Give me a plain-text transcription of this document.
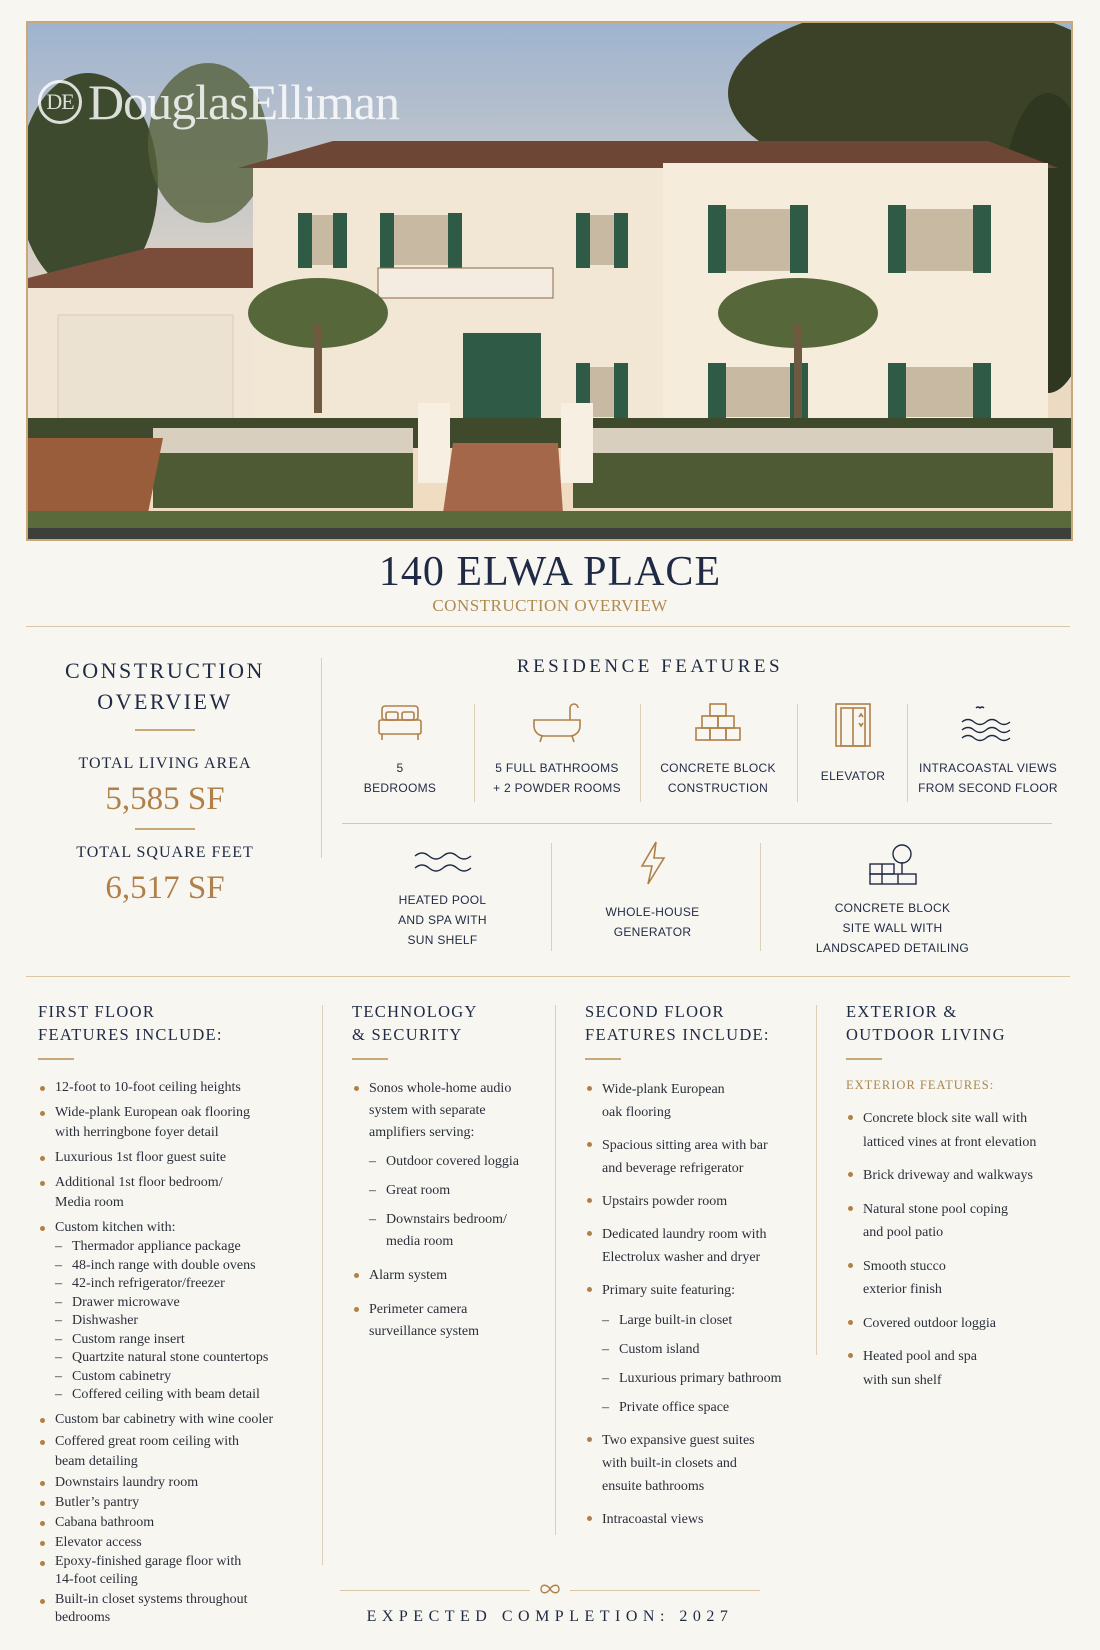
DE DouglasElliman
140 ELWA PLACE
CONSTRUCTION OVERVIEW
CONSTRUCTION
OVERVIEW
TOTAL LIVING AREA
5,585 SF
TOTAL SQUARE FEET
6,517 SF
RESIDENCE FEATURES
5
BEDROOMS
5 FULL BATHROOMS
+ 2 POWDER ROOMS
CONCRETE BLOCK
CONSTRUCTION
ELEVATOR
INTRACOASTAL VIEWS
FROM SECOND FLOOR
HEATED POOL
AND SPA WITH
SUN SHELF
WHOLE-HOUSE
GENERATOR
CONCRETE BLOCK
SITE WALL WITH
LANDSCAPED DETAILING
FIRST FLOOR
FEATURES INCLUDE:
12-foot to 10-foot ceiling heights
Wide-plank European oak flooring
with herringbone foyer detail
Luxurious 1st floor guest suite
Additional 1st floor bedroom/
Media room
Custom kitchen with:
– Thermador appliance package
– 48-inch range with double ovens
– 42-inch refrigerator/freezer
– Drawer microwave
– Dishwasher
– Custom range insert
– Quartzite natural stone countertops
– Custom cabinetry
– Coffered ceiling with beam detail
Custom bar cabinetry with wine cooler
Coffered great room ceiling with
beam detailing
Downstairs laundry room
Butler’s pantry
Cabana bathroom
Elevator access
Epoxy-finished garage floor with
14-foot ceiling
Built-in closet systems throughout
bedrooms
TECHNOLOGY
& SECURITY
Sonos whole-home audio
system with separate
amplifiers serving:
– Outdoor covered loggia
– Great room
– Downstairs bedroom/
media room
Alarm system
Perimeter camera
surveillance system
SECOND FLOOR
FEATURES INCLUDE:
Wide-plank European
oak flooring
Spacious sitting area with bar
and beverage refrigerator
Upstairs powder room
Dedicated laundry room with
Electrolux washer and dryer
Primary suite featuring:
– Large built-in closet
– Custom island
– Luxurious primary bathroom
– Private office space
Two expansive guest suites
with built-in closets and
ensuite bathrooms
Intracoastal views
EXTERIOR &
OUTDOOR LIVING
EXTERIOR FEATURES:
Concrete block site wall with
latticed vines at front elevation
Brick driveway and walkways
Natural stone pool coping
and pool patio
Smooth stucco
exterior finish
Covered outdoor loggia
Heated pool and spa
with sun shelf
EXPECTED COMPLETION: 2027
